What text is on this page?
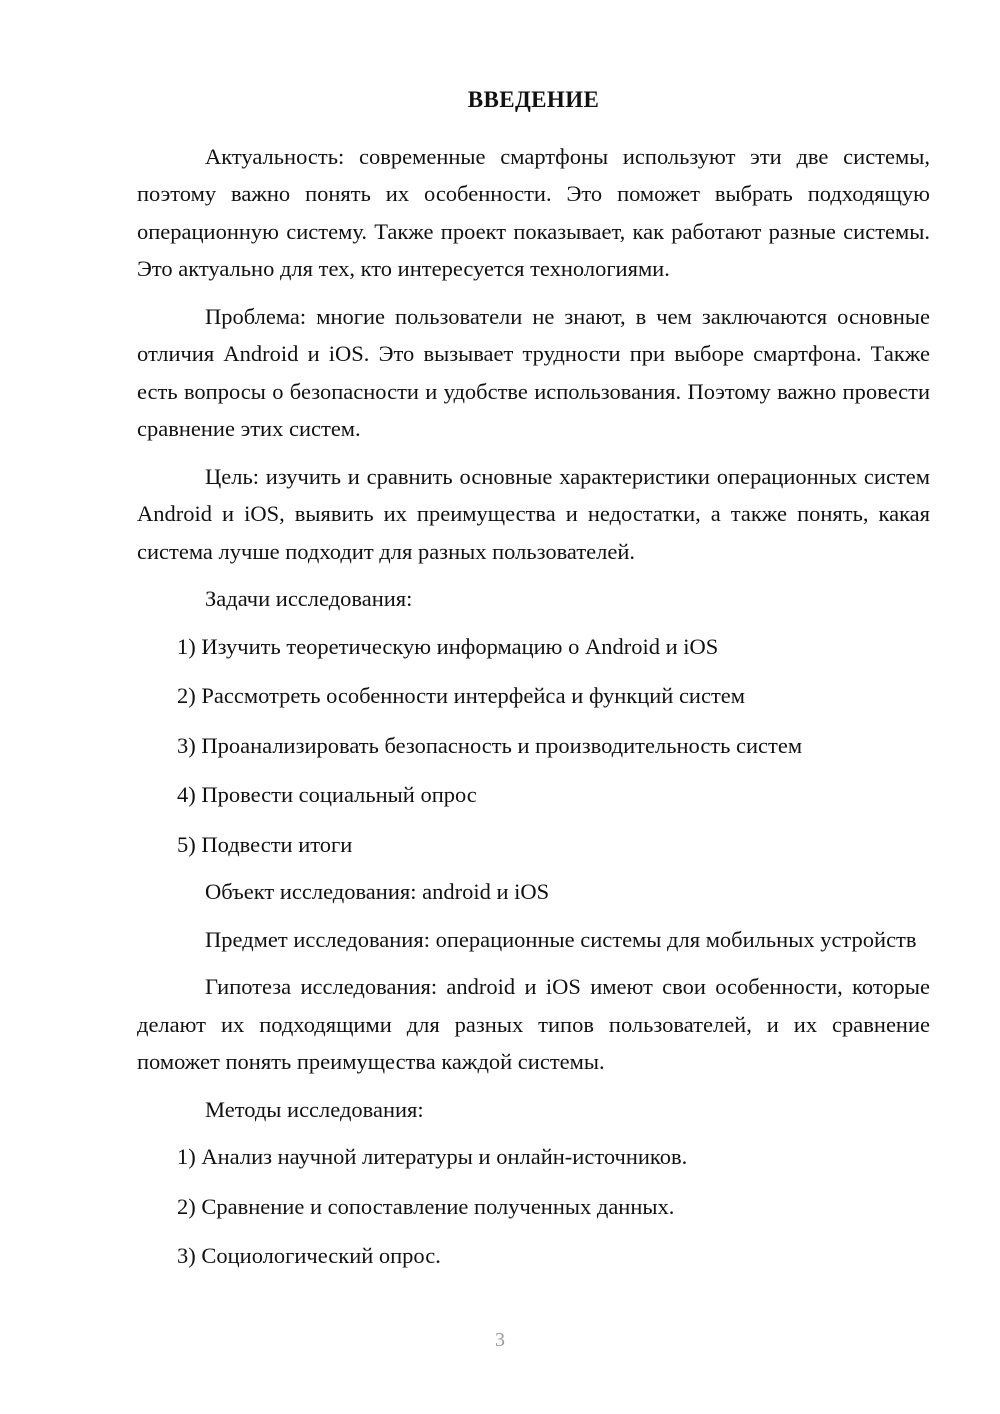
ВВЕДЕНИЕ

Актуальность: современные смартфоны используют эти две системы, поэтому важно понять их особенности. Это поможет выбрать подходящую операционную систему. Также проект показывает, как работают разные системы. Это актуально для тех, кто интересуется технологиями.

Проблема: многие пользователи не знают, в чем заключаются основные отличия Android и iOS. Это вызывает трудности при выборе смартфона. Также есть вопросы о безопасности и удобстве использования. Поэтому важно провести сравнение этих систем.

Цель: изучить и сравнить основные характеристики операционных систем Android и iOS, выявить их преимущества и недостатки, а также понять, какая система лучше подходит для разных пользователей.

Задачи исследования:

1) Изучить теоретическую информацию о Android и iOS
2) Рассмотреть особенности интерфейса и функций систем
3) Проанализировать безопасность и производительность систем
4) Провести социальный опрос
5) Подвести итоги

Объект исследования: android и iOS

Предмет исследования: операционные системы для мобильных устройств

Гипотеза исследования: android и iOS имеют свои особенности, которые делают их подходящими для разных типов пользователей, и их сравнение поможет понять преимущества каждой системы.

Методы исследования:

1) Анализ научной литературы и онлайн-источников.
2) Сравнение и сопоставление полученных данных.
3) Социологический опрос.
3
